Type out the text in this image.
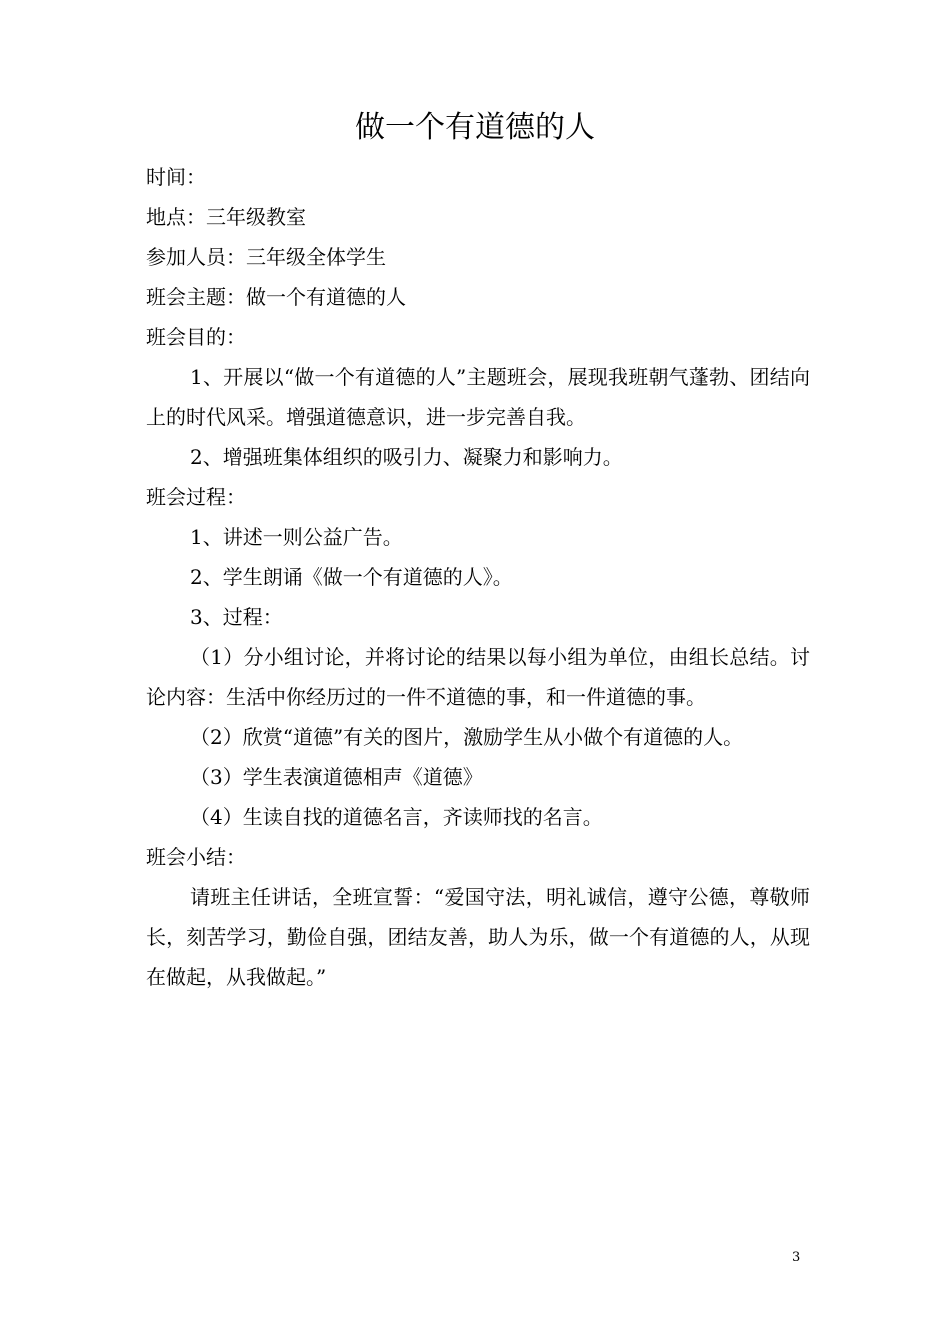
做一个有道德的人

时间：

地点：三年级教室

参加人员：三年级全体学生

班会主题：做一个有道德的人

班会目的：

1、开展以“做一个有道德的人”主题班会，展现我班朝气蓬勃、团结向上的时代风采。增强道德意识，进一步完善自我。

2、增强班集体组织的吸引力、凝聚力和影响力。

班会过程：

1、讲述一则公益广告。

2、学生朗诵《做一个有道德的人》。

3、过程：

（1）分小组讨论，并将讨论的结果以每小组为单位，由组长总结。讨论内容：生活中你经历过的一件不道德的事，和一件道德的事。

（2）欣赏“道德”有关的图片，激励学生从小做个有道德的人。

（3）学生表演道德相声《道德》

（4）生读自找的道德名言，齐读师找的名言。

班会小结：

请班主任讲话，全班宣誓：“爱国守法，明礼诚信，遵守公德，尊敬师长，刻苦学习，勤俭自强，团结友善，助人为乐，做一个有道德的人，从现在做起，从我做起。”

3
